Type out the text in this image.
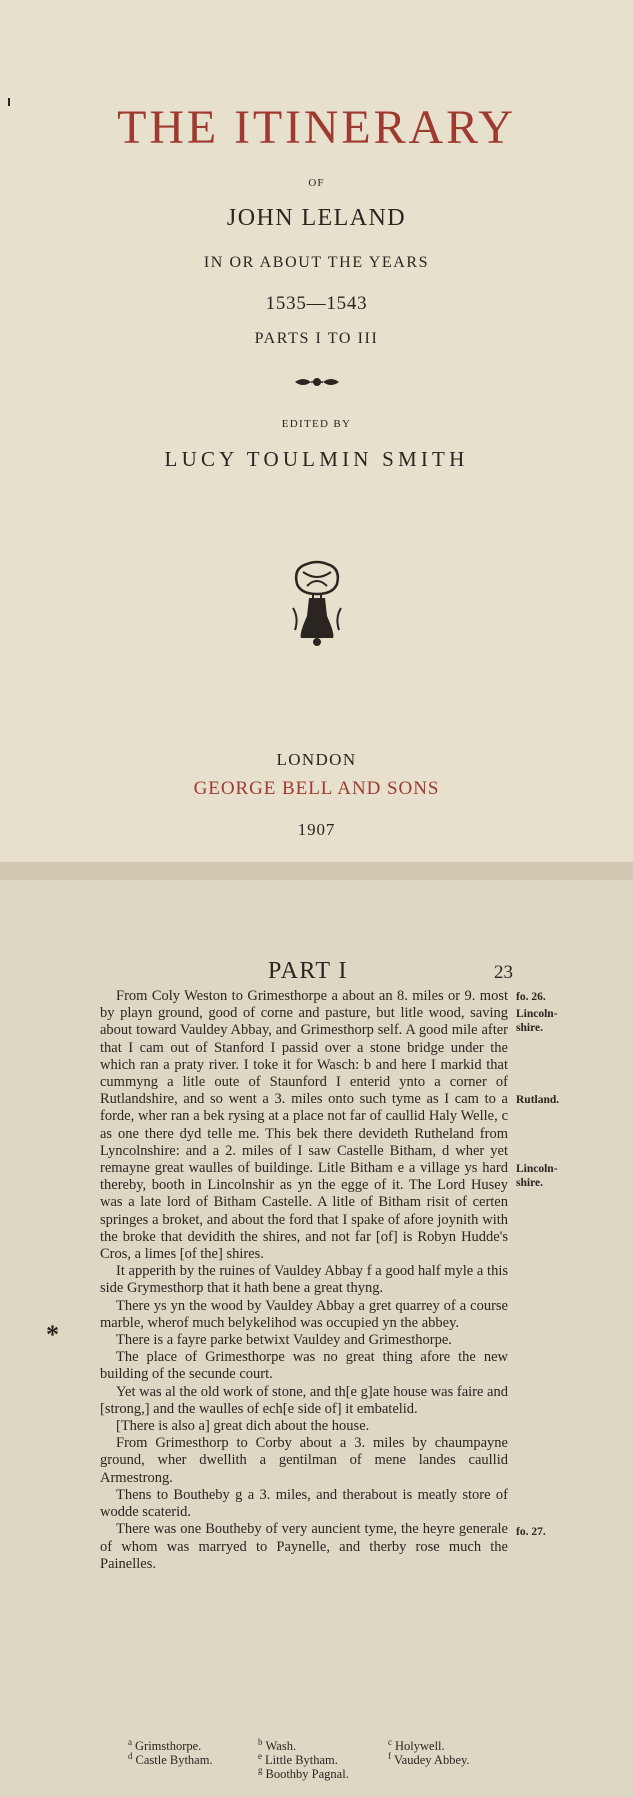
THE ITINERARY
OF
JOHN LELAND
IN OR ABOUT THE YEARS
1535—1543
PARTS I TO III
EDITED BY
LUCY TOULMIN SMITH
LONDON
GEORGE BELL AND SONS
1907
PART I	23
*

From Coly Weston to Grimesthorpe a about an 8. miles or 9. most by playn ground, good of corne and pasture, but litle wood, saving about toward Vauldey Abbay, and Grimesthorp self. A good mile after that I cam out of Stanford I passid over a stone bridge under the which ran a praty river. I toke it for Wasch: b and here I markid that cummyng a litle oute of Staunford I enterid ynto a corner of Rutlandshire, and so went a 3. miles onto such tyme as I cam to a forde, wher ran a bek rysing at a place not far of caullid Haly Welle, c as one there dyd telle me. This bek there devideth Rutheland from Lyncolnshire: and a 2. miles of I saw Castelle Bitham, d wher yet remayne great waulles of buildinge. Litle Bitham e a village ys hard thereby, booth in Lincolnshir as yn the egge of it. The Lord Husey was a late lord of Bitham Castelle. A litle of Bitham risit of certen springes a broket, and about the ford that I spake of afore joynith with the broke that devidith the shires, and not far [of] is Robyn Hudde's Cros, a limes [of the] shires.

It apperith by the ruines of Vauldey Abbay f a good half myle a this side Grymesthorp that it hath bene a great thyng.

There ys yn the wood by Vauldey Abbay a gret quarrey of a course marble, wherof much belykelihod was occupied yn the abbey.

There is a fayre parke betwixt Vauldey and Grimesthorpe.

The place of Grimesthorpe was no great thing afore the new building of the secunde court.

Yet was al the old work of stone, and th[e g]ate house was faire and [strong,] and the waulles of ech[e side of] it embatelid.

[There is also a] great dich about the house.

From Grimesthorp to Corby about a 3. miles by chaumpayne ground, wher dwellith a gentilman of mene landes caullid Armestrong.

Thens to Boutheby g a 3. miles, and therabout is meatly store of wodde scaterid.

There was one Boutheby of very auncient tyme, the heyre generale of whom was marryed to Paynelle, and therby rose much the Painelles.

fo. 26.
Lincoln-
shire.
Rutland.
Lincoln-
shire.
fo. 27.
$^a$ Grimsthorpe.	$^b$ Wash.	$^c$ Holywell.
$^d$ Castle Bytham.	$^e$ Little Bytham.	$^f$ Vaudey Abbey.
$^g$ Boothby Pagnal.
